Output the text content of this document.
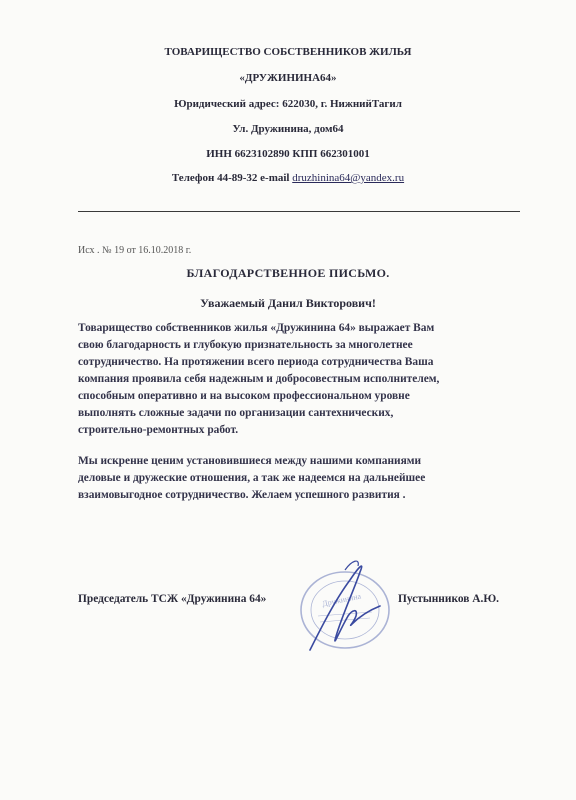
ТОВАРИЩЕСТВО СОБСТВЕННИКОВ ЖИЛЬЯ
«ДРУЖИНИНА64»
Юридический адрес: 622030, г. НижнийТагил
Ул. Дружинина, дом64
ИНН 6623102890 КПП 662301001
Телефон 44-89-32 e-mail druzhinina64@yandex.ru
Исх . № 19 от 16.10.2018 г.
БЛАГОДАРСТВЕННОЕ ПИСЬМО.
Уважаемый Данил Викторович!
Товарищество собственников жилья «Дружинина 64» выражает Вам
свою благодарность и глубокую признательность за многолетнее
сотрудничество. На протяжении всего периода сотрудничества Ваша
компания проявила себя надежным и добросовестным исполнителем,
способным оперативно и на высоком профессиональном уровне
выполнять сложные задачи по организации сантехнических,
строительно-ремонтных работ.
Мы искренне ценим установившиеся между нашими компаниями
деловые и дружеские отношения, а так же надеемся на дальнейшее
взаимовыгодное сотрудничество. Желаем успешного развития .
Дружинина
Председатель ТСЖ «Дружинина 64»	Пустынников А.Ю.
